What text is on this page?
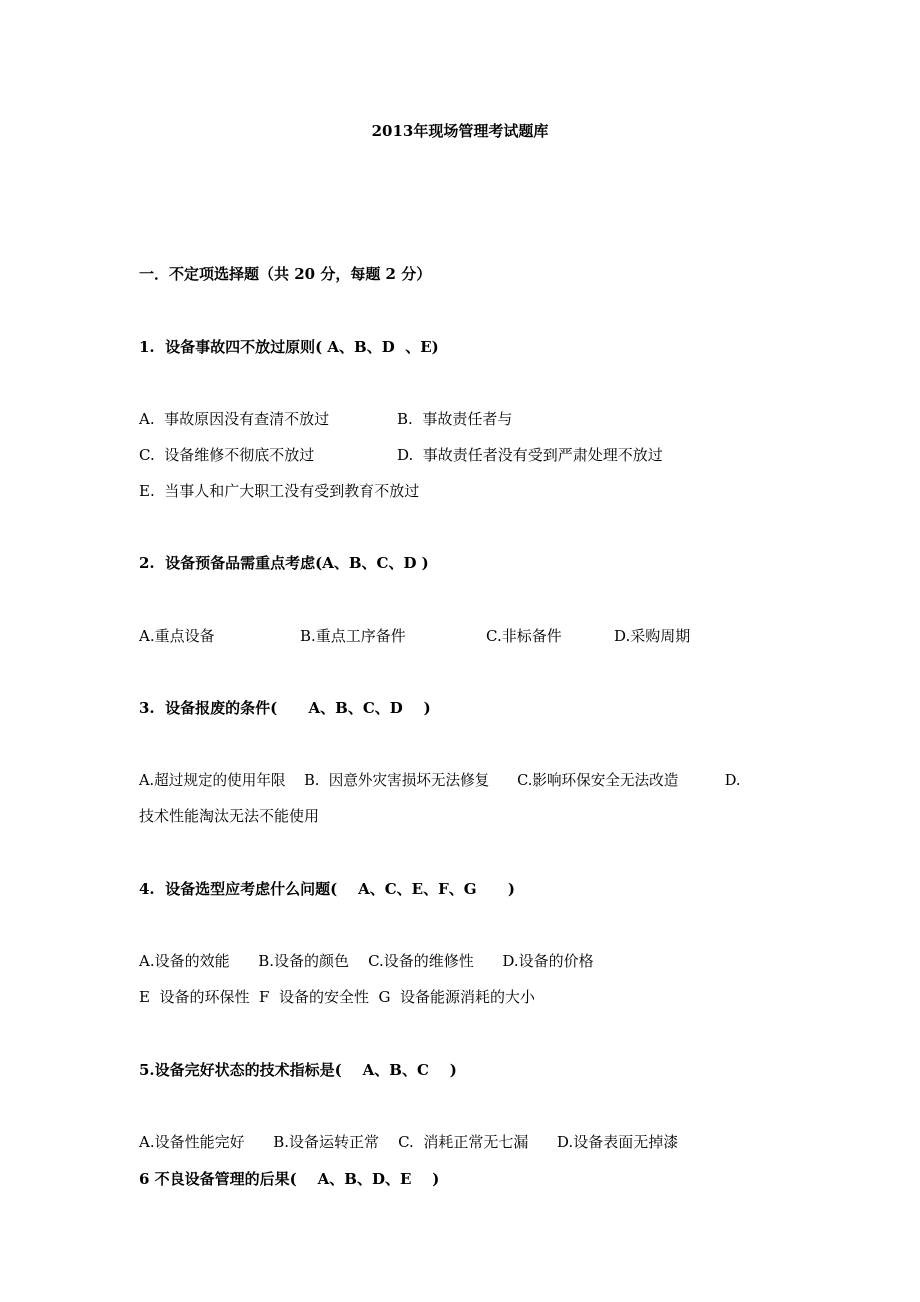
2013年现场管理考试题库
一．不定项选择题（共 20 分，每题 2 分）
1.  设备事故四不放过原则( A、B、D  、E)
A.  事故原因没有查清不放过	B.  事故责任者与
C.  设备维修不彻底不放过	D.  事故责任者没有受到严肃处理不放过
E.  当事人和广大职工没有受到教育不放过
2.  设备预备品需重点考虑(A、B、C、D )
A.重点设备	B.重点工序备件	C.非标备件	D.采购周期
3.  设备报废的条件(      A、B、C、D    )
A.超过规定的使用年限    B.  因意外灾害损坏无法修复      C.影响环保安全无法改造          D.
技术性能淘汰无法不能使用
4.  设备选型应考虑什么问题(    A、C、E、F、G      )
A.设备的效能      B.设备的颜色    C.设备的维修性      D.设备的价格
E  设备的环保性  F  设备的安全性  G  设备能源消耗的大小
5.设备完好状态的技术指标是(    A、B、C    )
A.设备性能完好      B.设备运转正常    C.  消耗正常无七漏      D.设备表面无掉漆
6 不良设备管理的后果(    A、B、D、E    )
